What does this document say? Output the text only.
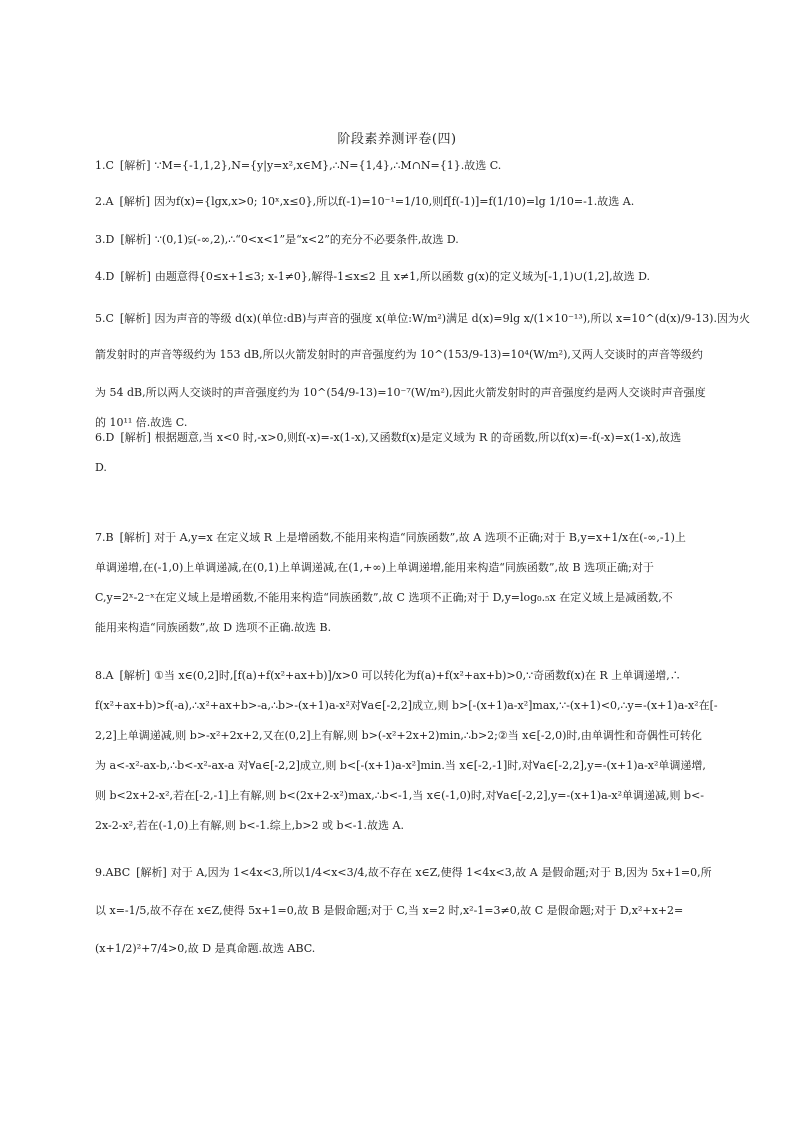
阶段素养测评卷(四)
1.C [解析] ∵M={-1,1,2},N={y|y=x²,x∈M},∴N={1,4},∴M∩N={1}.故选 C.
2.A [解析] 因为f(x)={lgx,x>0; 10ˣ,x≤0},所以f(-1)=10⁻¹=1/10,则f[f(-1)]=f(1/10)=lg 1/10=-1.故选 A.
3.D [解析] ∵(0,1)⫋(-∞,2),∴“0<x<1”是“x<2”的充分不必要条件,故选 D.
4.D [解析] 由题意得{0≤x+1≤3; x-1≠0},解得-1≤x≤2 且 x≠1,所以函数 g(x)的定义域为[-1,1)∪(1,2],故选 D.
5.C [解析] 因为声音的等级 d(x)(单位:dB)与声音的强度 x(单位:W/m²)满足 d(x)=9lg x/(1×10⁻¹³),所以 x=10^(d(x)/9-13).因为火
箭发射时的声音等级约为 153 dB,所以火箭发射时的声音强度约为 10^(153/9-13)=10⁴(W/m²),又两人交谈时的声音等级约
为 54 dB,所以两人交谈时的声音强度约为 10^(54/9-13)=10⁻⁷(W/m²),因此火箭发射时的声音强度约是两人交谈时声音强度
的 10¹¹ 倍.故选 C.
6.D [解析] 根据题意,当 x<0 时,-x>0,则f(-x)=-x(1-x),又函数f(x)是定义域为 R 的奇函数,所以f(x)=-f(-x)=x(1-x),故选
D.
7.B [解析] 对于 A,y=x 在定义域 R 上是增函数,不能用来构造“同族函数”,故 A 选项不正确;对于 B,y=x+1/x在(-∞,-1)上
单调递增,在(-1,0)上单调递减,在(0,1)上单调递减,在(1,+∞)上单调递增,能用来构造“同族函数”,故 B 选项正确;对于
C,y=2ˣ-2⁻ˣ在定义域上是增函数,不能用来构造“同族函数”,故 C 选项不正确;对于 D,y=log₀.₅x 在定义域上是减函数,不
能用来构造“同族函数”,故 D 选项不正确.故选 B.
8.A [解析] ①当 x∈(0,2]时,[f(a)+f(x²+ax+b)]/x>0 可以转化为f(a)+f(x²+ax+b)>0,∵奇函数f(x)在 R 上单调递增,∴
f(x²+ax+b)>f(-a),∴x²+ax+b>-a,∴b>-(x+1)a-x²对∀a∈[-2,2]成立,则 b>[-(x+1)a-x²]max,∵-(x+1)<0,∴y=-(x+1)a-x²在[-
2,2]上单调递减,则 b>-x²+2x+2,又在(0,2]上有解,则 b>(-x²+2x+2)min,∴b>2;②当 x∈[-2,0)时,由单调性和奇偶性可转化
为 a<-x²-ax-b,∴b<-x²-ax-a 对∀a∈[-2,2]成立,则 b<[-(x+1)a-x²]min.当 x∈[-2,-1]时,对∀a∈[-2,2],y=-(x+1)a-x²单调递增,
则 b<2x+2-x²,若在[-2,-1]上有解,则 b<(2x+2-x²)max,∴b<-1,当 x∈(-1,0)时,对∀a∈[-2,2],y=-(x+1)a-x²单调递减,则 b<-
2x-2-x²,若在(-1,0)上有解,则 b<-1.综上,b>2 或 b<-1.故选 A.
9.ABC [解析] 对于 A,因为 1<4x<3,所以1/4<x<3/4,故不存在 x∈Z,使得 1<4x<3,故 A 是假命题;对于 B,因为 5x+1=0,所
以 x=-1/5,故不存在 x∈Z,使得 5x+1=0,故 B 是假命题;对于 C,当 x=2 时,x²-1=3≠0,故 C 是假命题;对于 D,x²+x+2=
(x+1/2)²+7/4>0,故 D 是真命题.故选 ABC.
